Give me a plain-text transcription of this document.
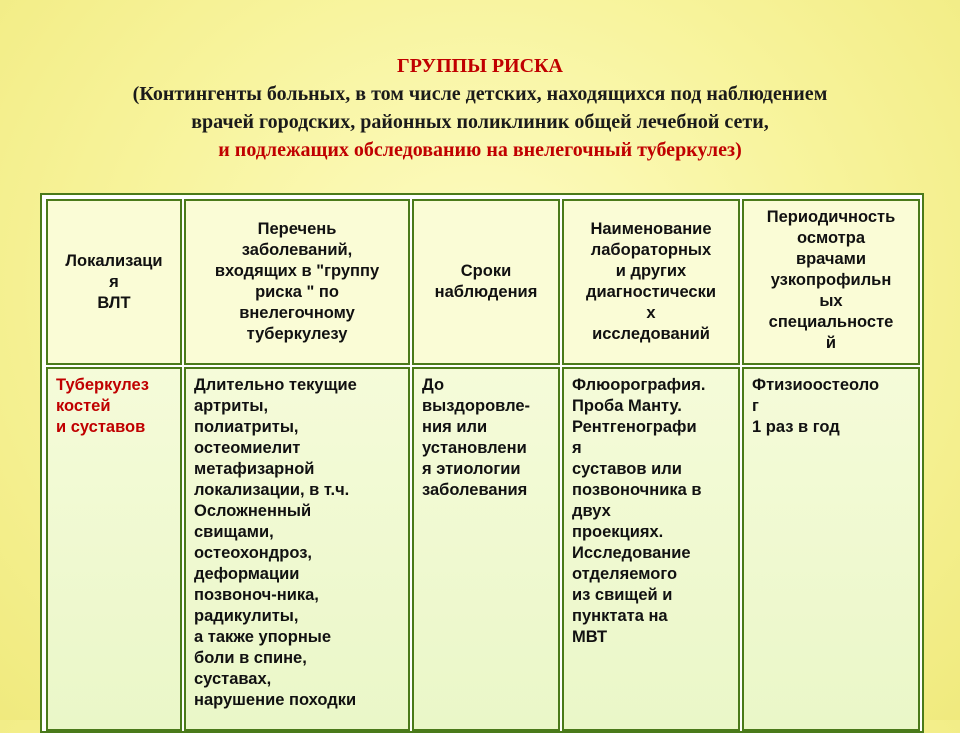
ГРУППЫ РИСКА
(Контингенты больных, в том числе детских, находящихся под наблюдением
врачей городских, районных поликлиник общей лечебной сети,
и подлежащих обследованию на внелегочный туберкулез)
Локализаци
я
ВЛТ
Перечень
заболеваний,
входящих в "группу
риска " по
внелегочному
туберкулезу
Сроки
наблюдения
Наименование
лабораторных
и других
диагностически
х
исследований
Периодичность
осмотра
врачами
узкопрофильн
ых
специальносте
й
Туберкулез
костей
и суставов
Длительно текущие
артриты,
полиатриты,
остеомиелит
метафизарной
локализации, в т.ч.
Осложненный
свищами,
остеохондроз,
деформации
позвоноч-ника,
радикулиты,
а также упорные
боли в спине,
суставах,
нарушение походки
До
выздоровле-
ния или
установлени
я этиологии
заболевания
Флюорография.
Проба Манту.
Рентгенографи
я
суставов или
позвоночника в
двух
проекциях.
Исследование
отделяемого
из свищей и
пунктата на
МВТ
Фтизиоостеоло
г
1 раз в год
